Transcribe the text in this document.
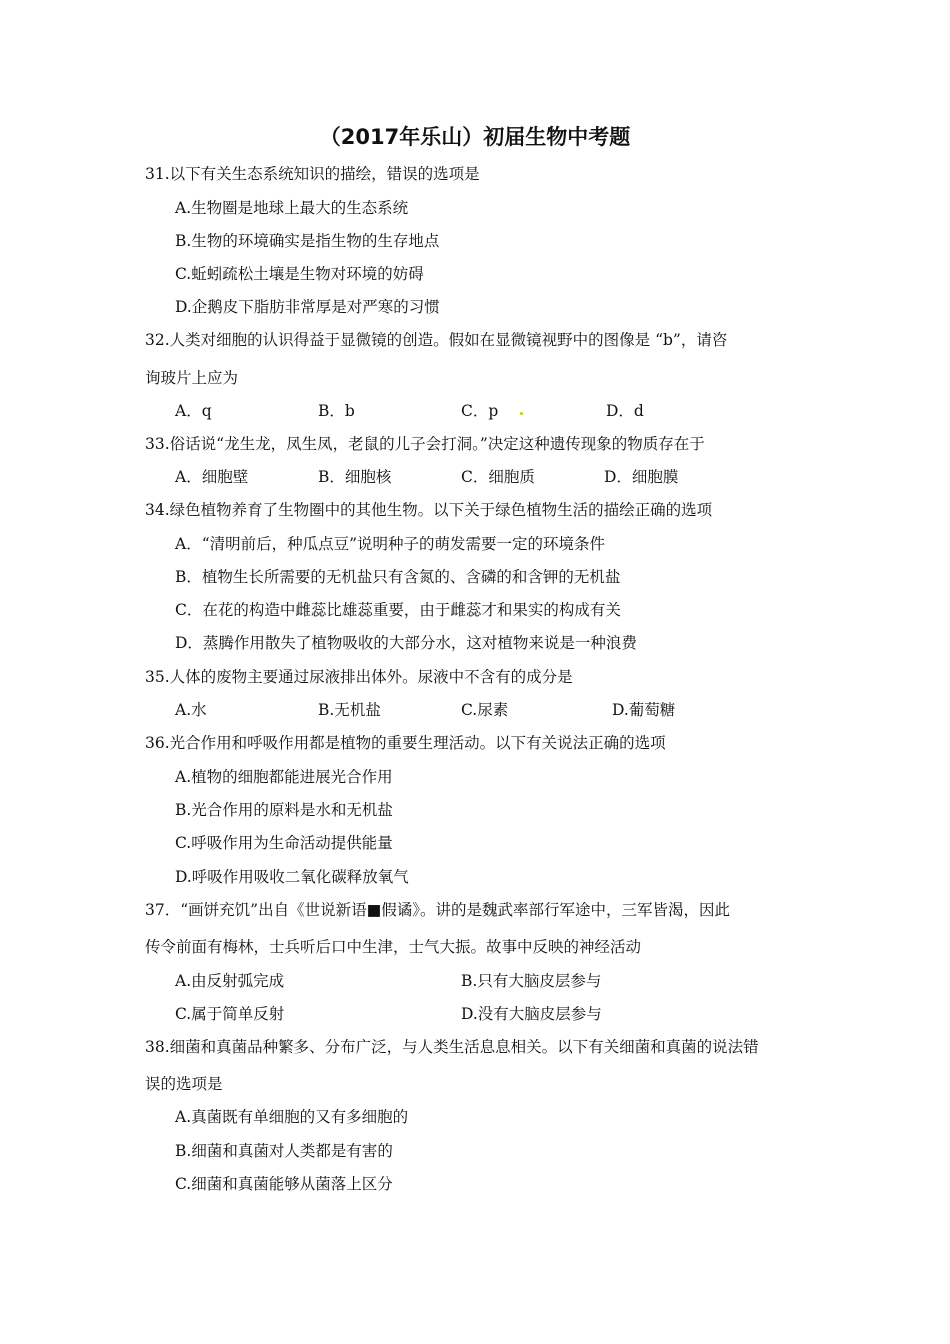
（2017年乐山）初届生物中考题
31.以下有关生态系统知识的描绘，错误的选项是
A.生物圈是地球上最大的生态系统
B.生物的环境确实是指生物的生存地点
C.蚯蚓疏松土壤是生物对环境的妨碍
D.企鹅皮下脂肪非常厚是对严寒的习惯
32.人类对细胞的认识得益于显微镜的创造。假如在显微镜视野中的图像是 “b”，请咨
询玻片上应为
A．q	B．b	C．p	D．d
33.俗话说“龙生龙，凤生凤，老鼠的儿子会打洞。”决定这种遗传现象的物质存在于
A．细胞壁	B．细胞核	C．细胞质	D．细胞膜
34.绿色植物养育了生物圈中的其他生物。以下关于绿色植物生活的描绘正确的选项
A．“清明前后，种瓜点豆”说明种子的萌发需要一定的环境条件
B．植物生长所需要的无机盐只有含氮的、含磷的和含钾的无机盐
C．在花的构造中雌蕊比雄蕊重要，由于雌蕊才和果实的构成有关
D．蒸腾作用散失了植物吸收的大部分水，这对植物来说是一种浪费
35.人体的废物主要通过尿液排出体外。尿液中不含有的成分是
A.水	B.无机盐	C.尿素	D.葡萄糖
36.光合作用和呼吸作用都是植物的重要生理活动。以下有关说法正确的选项
A.植物的细胞都能进展光合作用
B.光合作用的原料是水和无机盐
C.呼吸作用为生命活动提供能量
D.呼吸作用吸收二氧化碳释放氧气
37．“画饼充饥”出自《世说新语■假谲》。讲的是魏武率部行军途中，三军皆渴，因此
传令前面有梅林，士兵听后口中生津，士气大振。故事中反映的神经活动
A.由反射弧完成	B.只有大脑皮层参与
C.属于简单反射	D.没有大脑皮层参与
38.细菌和真菌品种繁多、分布广泛，与人类生活息息相关。以下有关细菌和真菌的说法错
误的选项是
A.真菌既有单细胞的又有多细胞的
B.细菌和真菌对人类都是有害的
C.细菌和真菌能够从菌落上区分
